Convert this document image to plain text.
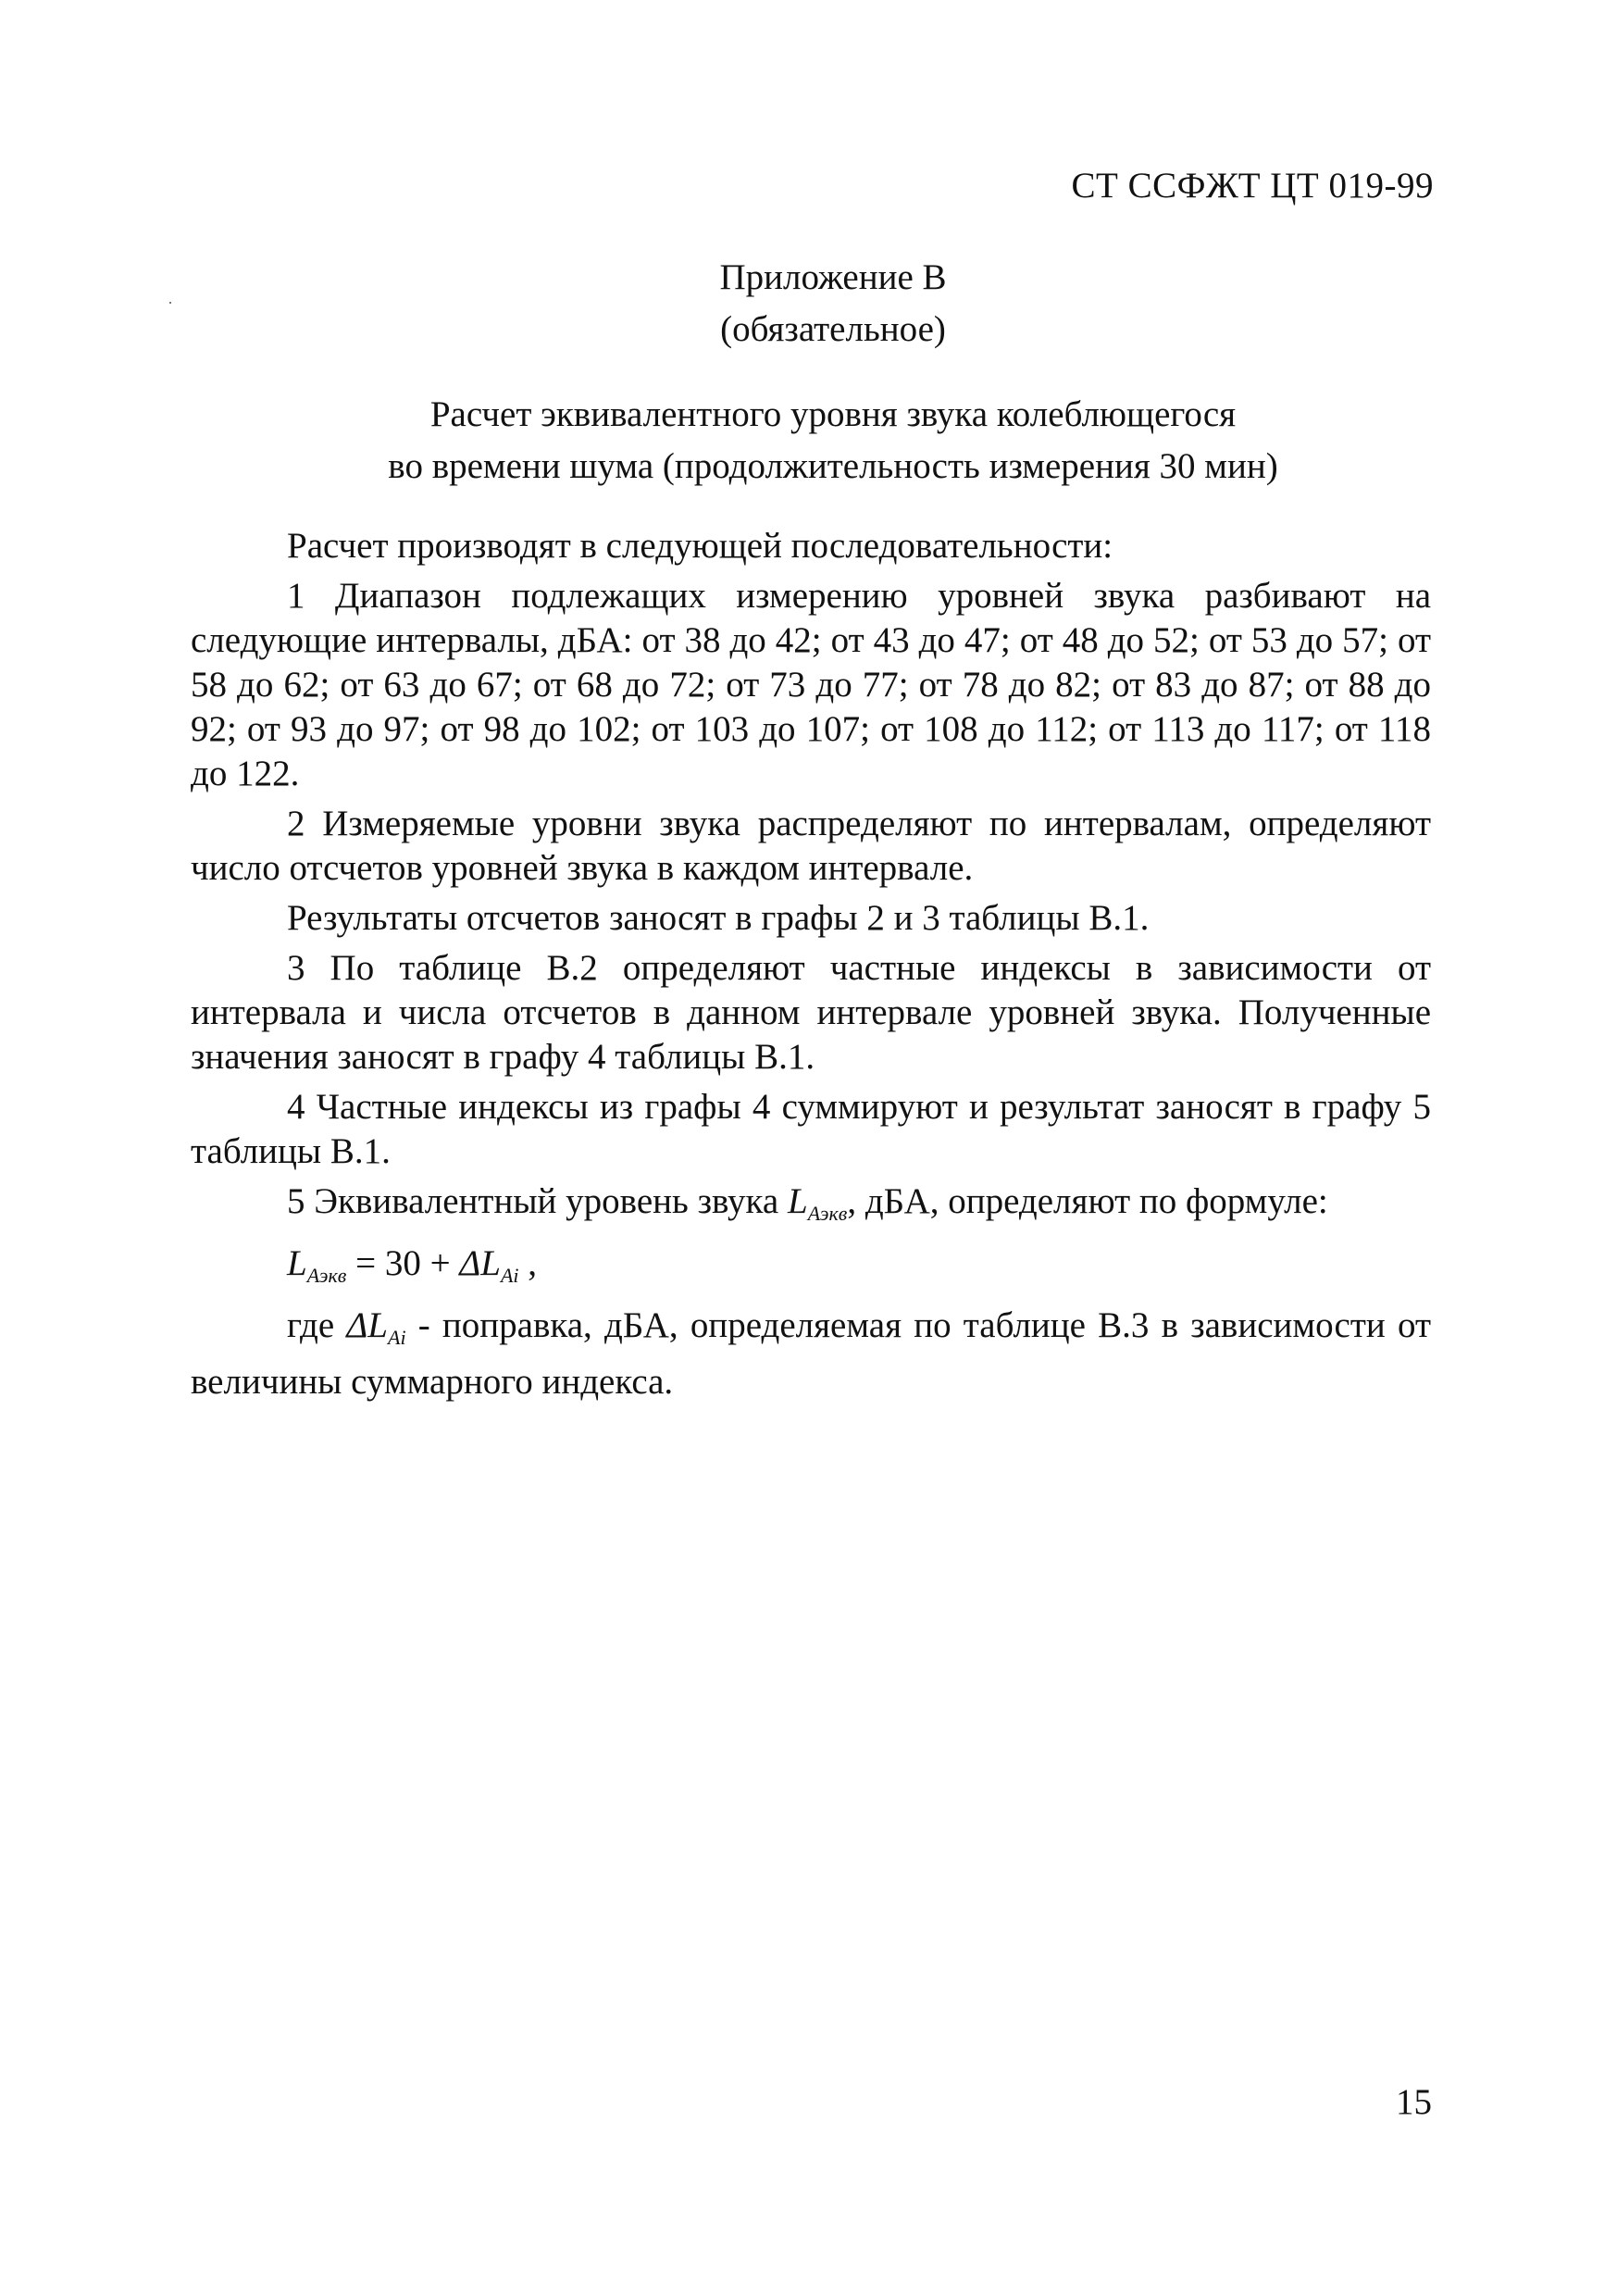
СТ ССФЖТ ЦТ 019-99
Приложение В
(обязательное)
Расчет эквивалентного уровня звука колеблющегося
во времени шума (продолжительность измерения 30 мин)

Расчет производят в следующей последовательности:

1 Диапазон подлежащих измерению уровней звука разбивают на следующие интервалы, дБА: от 38 до 42; от 43 до 47; от 48 до 52; от 53 до 57; от 58 до 62; от 63 до 67; от 68 до 72; от 73 до 77; от 78 до 82; от 83 до 87; от 88 до 92; от 93 до 97; от 98 до 102; от 103 до 107; от 108 до 112; от 113 до 117; от 118 до 122.

2 Измеряемые уровни звука распределяют по интервалам, определяют число отсчетов уровней звука в каждом интервале.

Результаты отсчетов заносят в графы 2 и 3 таблицы В.1.

3 По таблице В.2 определяют частные индексы в зависимости от интервала и числа отсчетов в данном интервале уровней звука. Полученные значения заносят в графу 4 таблицы В.1.

4 Частные индексы из графы 4 суммируют и результат заносят в графу 5 таблицы В.1.

5 Эквивалентный уровень звука $L_{Аэкв}$, дБА, определяют по формуле:

$L_{Аэкв} = 30 + \Delta L_{Ai}$ ,

где $\Delta L_{Ai}$ - поправка, дБА, определяемая по таблице В.3 в зависимости от величины суммарного индекса.

15
